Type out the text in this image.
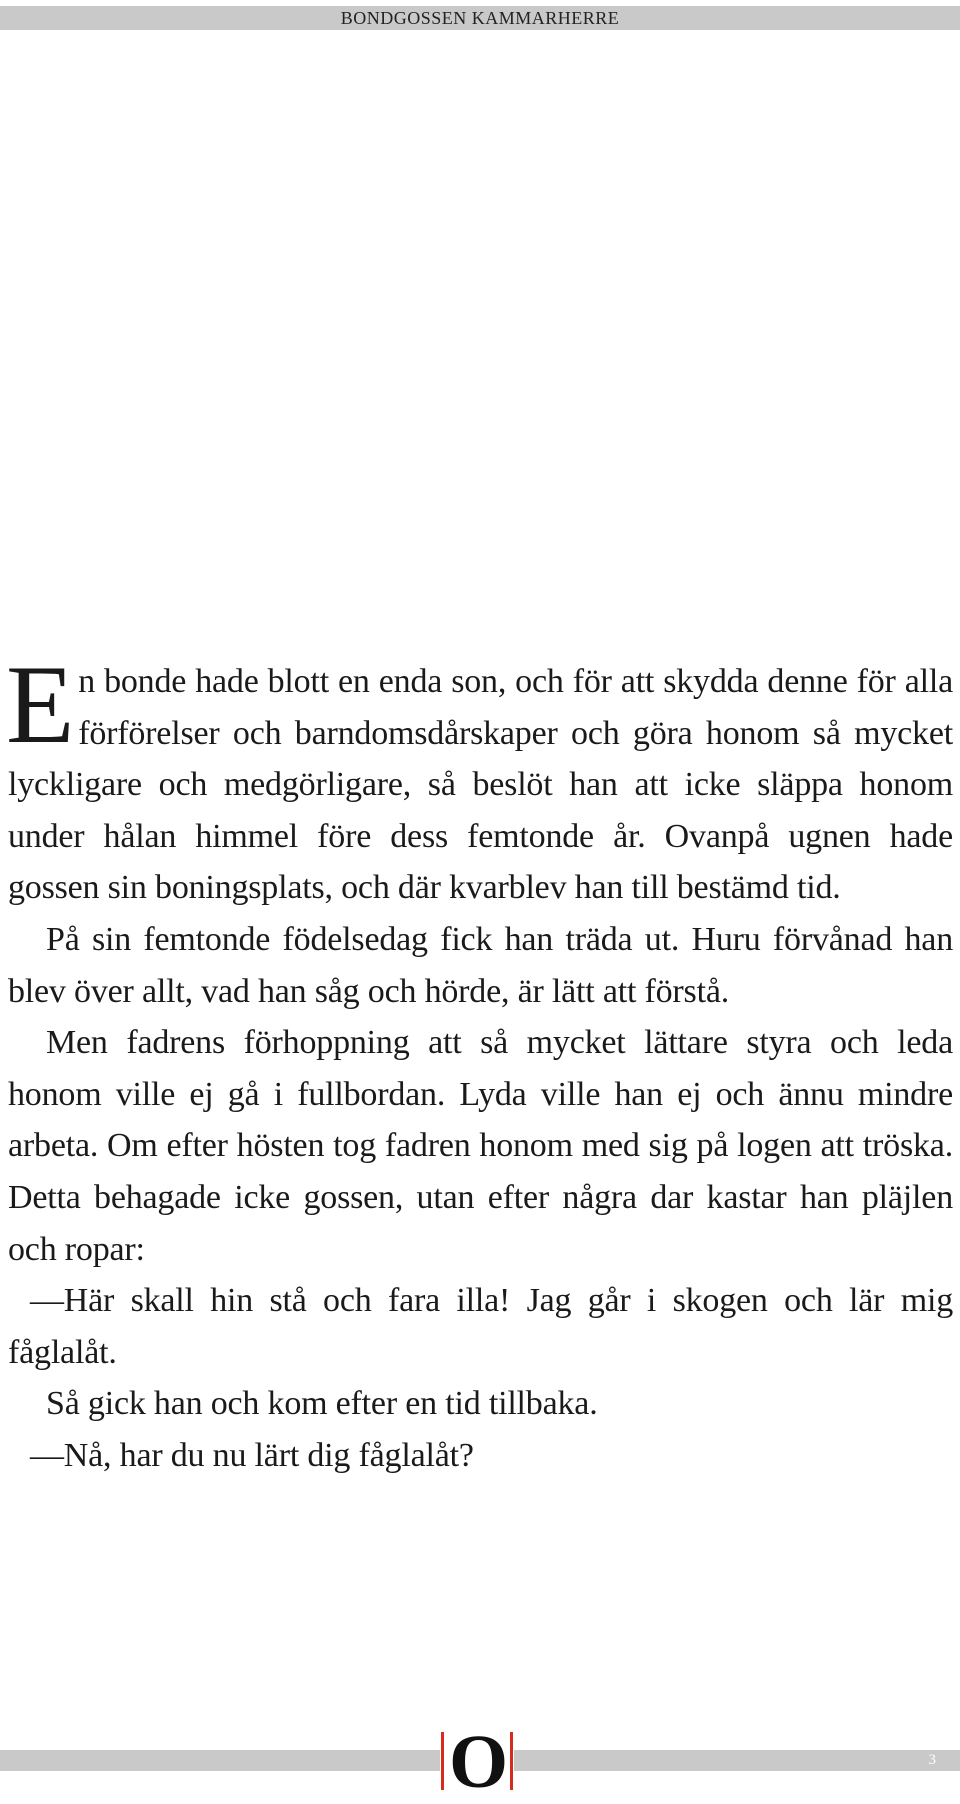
BONDGOSSEN KAMMARHERRE

En bonde hade blott en enda son, och för att skydda denne för alla förförelser och barndomsdårskaper och göra honom så mycket lyckligare och medgörligare, så beslöt han att icke släppa honom under hålan himmel före dess femtonde år. Ovanpå ugnen hade gossen sin boningsplats, och där kvarblev han till bestämd tid.

På sin femtonde födelsedag fick han träda ut. Huru förvånad han blev över allt, vad han såg och hörde, är lätt att förstå.

Men fadrens förhoppning att så mycket lättare styra och leda honom ville ej gå i fullbordan. Lyda ville han ej och ännu mindre arbeta. Om efter hösten tog fadren honom med sig på logen att tröska. Detta behagade icke gossen, utan efter några dar kastar han pläjlen och ropar:

—Här skall hin stå och fara illa! Jag går i skogen och lär mig fåglalåt.

Så gick han och kom efter en tid tillbaka.

—Nå, har du nu lärt dig fåglalåt?

O	3
